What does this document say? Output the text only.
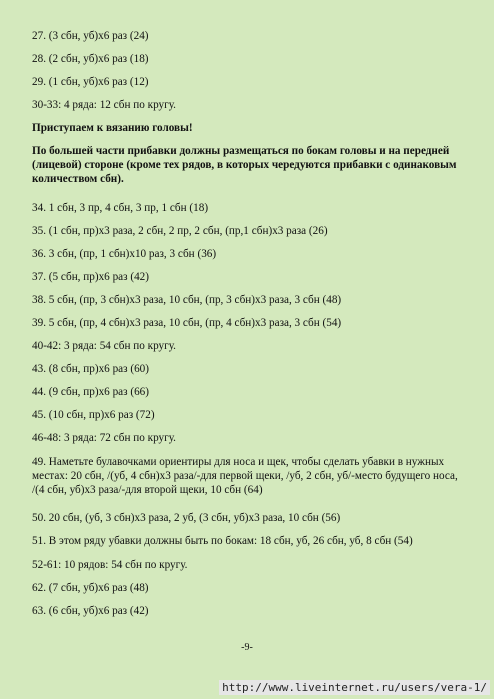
27. (3 сбн, уб)х6 раз (24)
28. (2 сбн, уб)х6 раз (18)
29. (1 сбн, уб)х6 раз (12)
30-33: 4 ряда: 12 сбн по кругу.
Приступаем к вязанию головы!
По большей части прибавки должны размещаться по бокам головы и на передней (лицевой) стороне (кроме тех рядов, в которых чередуются прибавки с одинаковым количеством сбн).
34. 1 сбн, 3 пр, 4 сбн, 3 пр, 1 сбн (18)
35. (1 сбн, пр)х3 раза, 2 сбн, 2 пр, 2 сбн, (пр,1 сбн)х3 раза (26)
36. 3 сбн, (пр, 1 сбн)х10 раз, 3 сбн (36)
37. (5 сбн, пр)х6 раз (42)
38. 5 сбн, (пр, 3 сбн)х3 раза, 10 сбн, (пр, 3 сбн)х3 раза, 3 сбн (48)
39. 5 сбн, (пр, 4 сбн)х3 раза, 10 сбн, (пр, 4 сбн)х3 раза, 3 сбн (54)
40-42: 3 ряда: 54 сбн по кругу.
43. (8 сбн, пр)х6 раз (60)
44. (9 сбн, пр)х6 раз (66)
45. (10 сбн, пр)х6 раз (72)
46-48: 3 ряда: 72 сбн по кругу.
49. Наметьте булавочками ориентиры для носа и щек, чтобы сделать убавки в нужных местах: 20 сбн, /(уб, 4 сбн)х3 раза/-для первой щеки, /уб, 2 сбн, уб/-место будущего носа, /(4 сбн, уб)х3 раза/-для второй щеки, 10 сбн (64)
50. 20 сбн, (уб, 3 сбн)х3 раза, 2 уб, (3 сбн, уб)х3 раза, 10 сбн (56)
51. В этом ряду убавки должны быть по бокам: 18 сбн, уб, 26 сбн, уб, 8 сбн (54)
52-61: 10 рядов: 54 сбн по кругу.
62. (7 сбн, уб)х6 раз (48)
63. (6 сбн, уб)х6 раз (42)
-9-
http://www.liveinternet.ru/users/vera-1/
